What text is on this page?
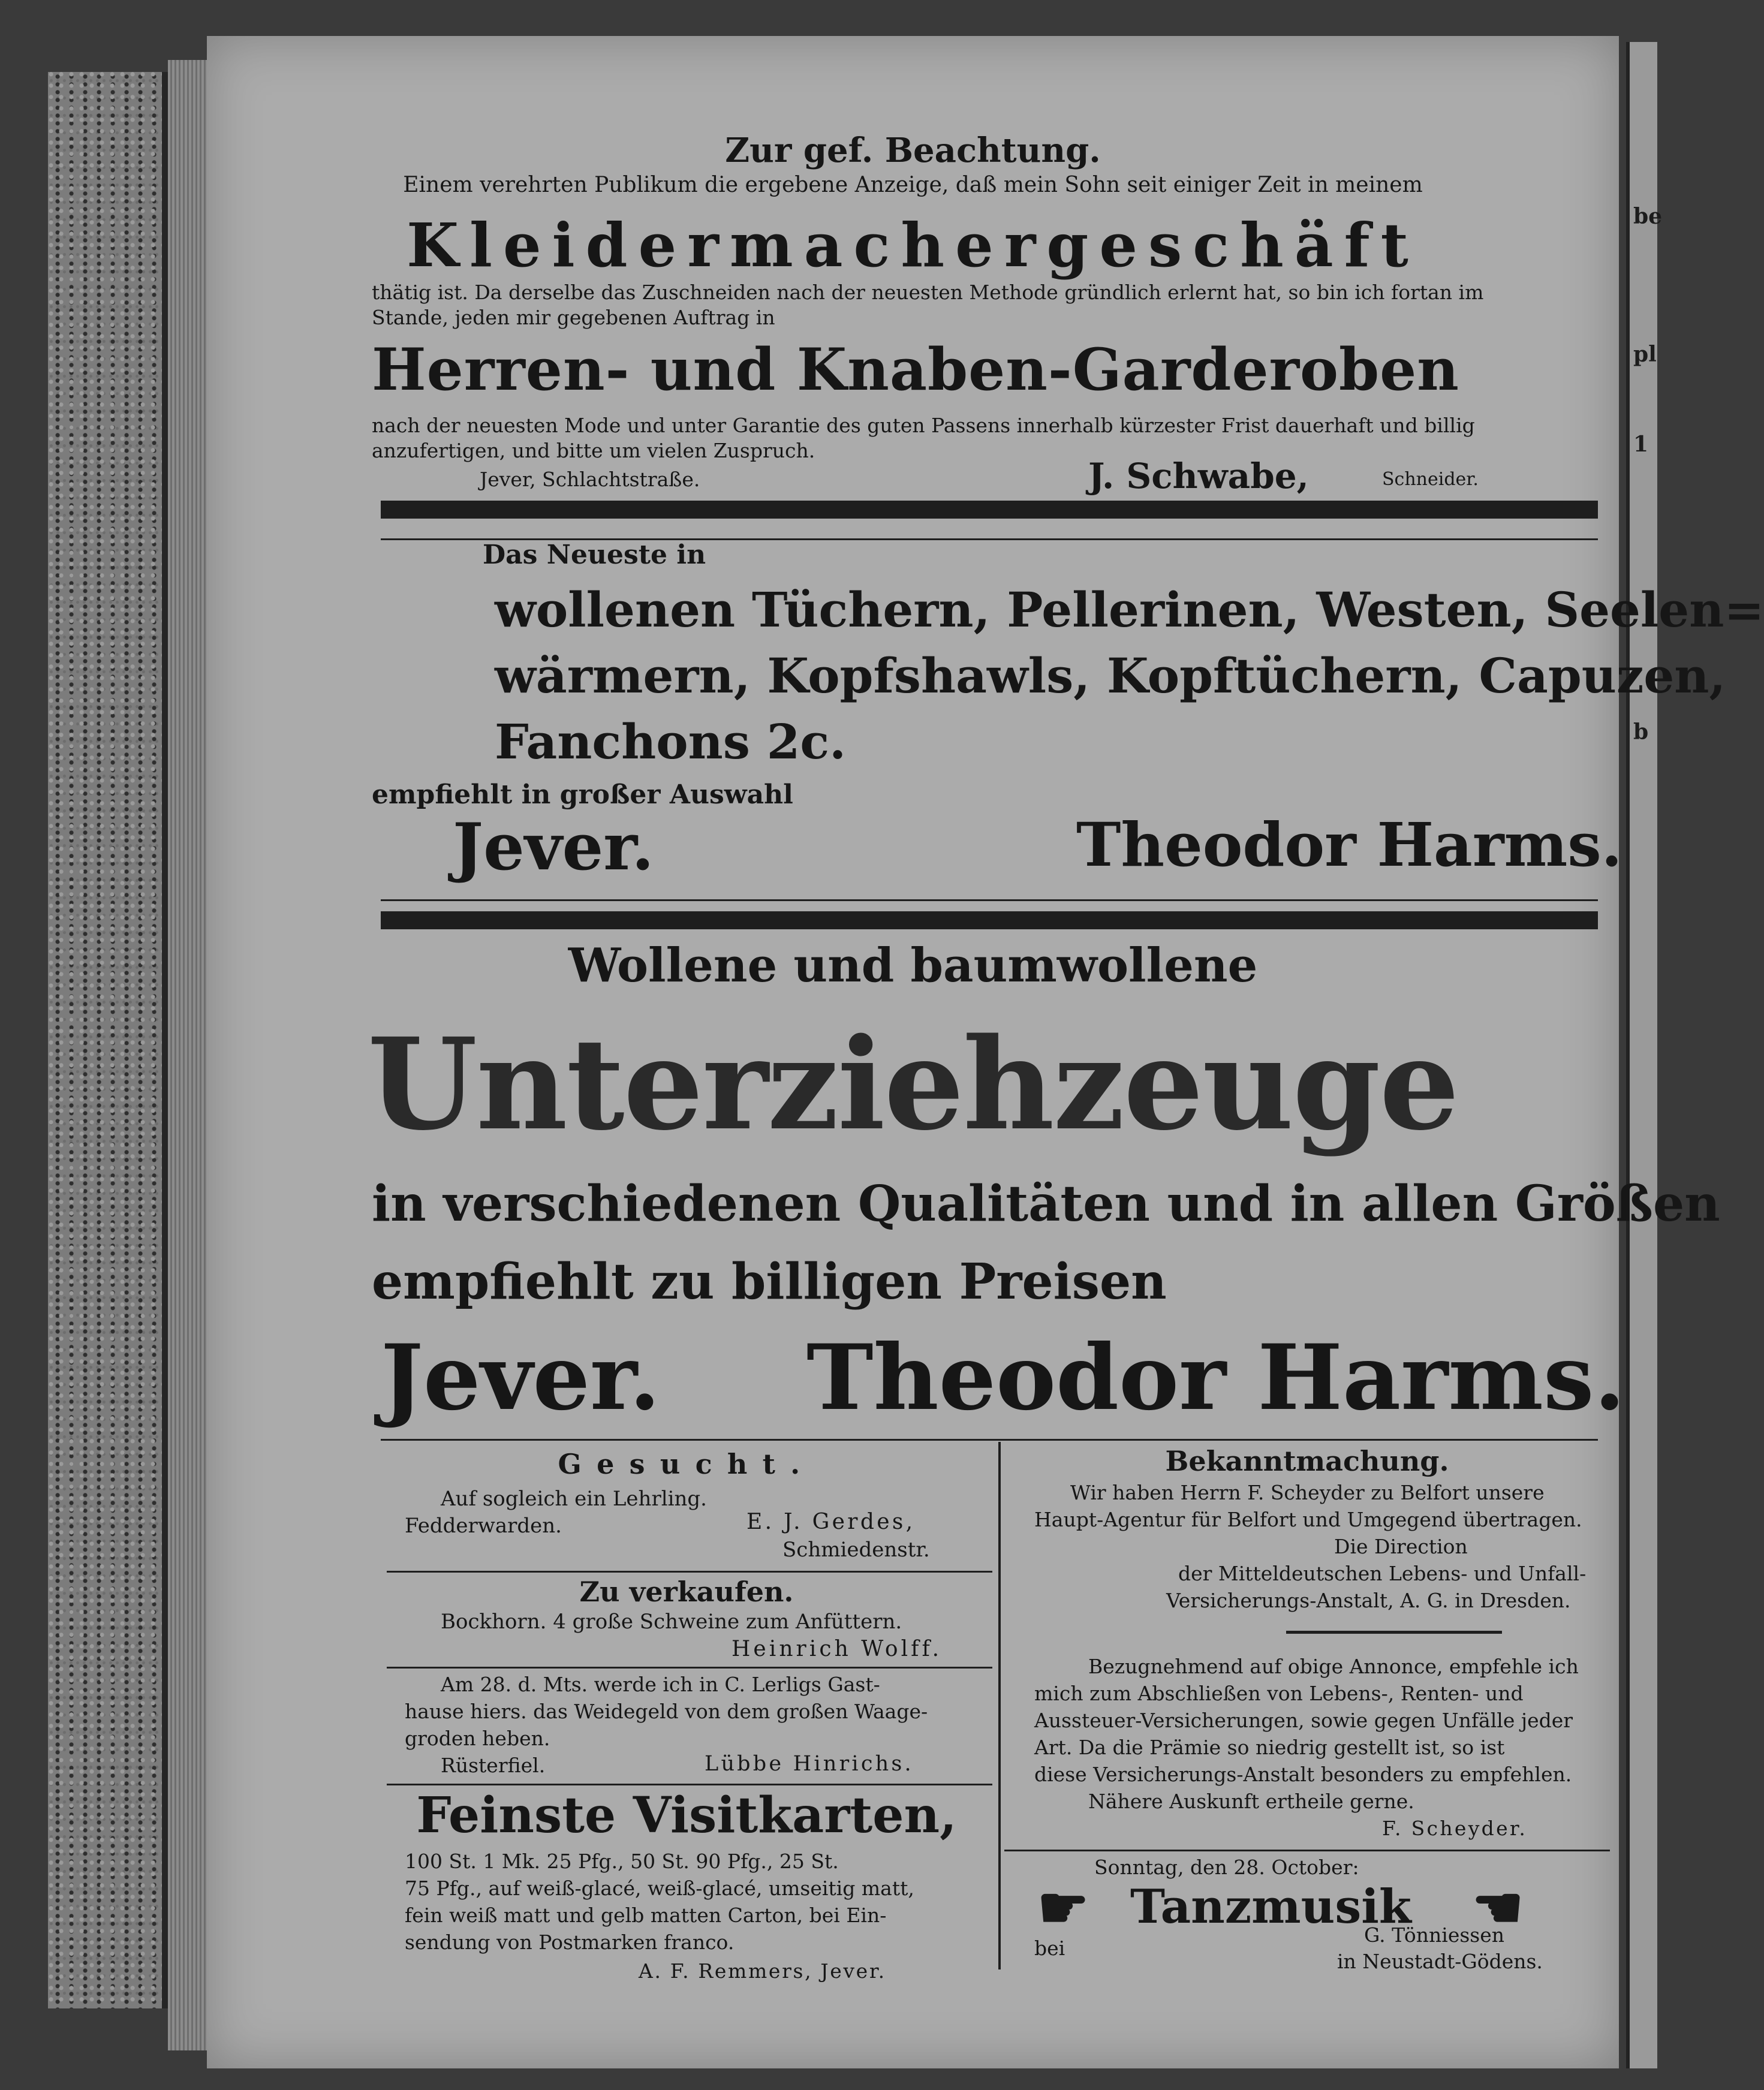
be
pl
1
b
Zur gef. Beachtung.
Einem verehrten Publikum die ergebene Anzeige, daß mein Sohn seit einiger Zeit in meinem
Kleidermachergeschäft
thätig ist. Da derselbe das Zuschneiden nach der neuesten Methode gründlich erlernt hat, so bin ich fortan im
Stande, jeden mir gegebenen Auftrag in
Herren- und Knaben-Garderoben
nach der neuesten Mode und unter Garantie des guten Passens innerhalb kürzester Frist dauerhaft und billig
anzufertigen, und bitte um vielen Zuspruch.
Jever, Schlachtstraße.	J. Schwabe,	Schneider.
Das Neueste in
wollenen Tüchern, Pellerinen, Westen, Seelen=
wärmern, Kopfshawls, Kopftüchern, Capuzen,
Fanchons 2c.
empfiehlt in großer Auswahl
Jever.	Theodor Harms.
Wollene und baumwollene
Unterziehzeuge
in verschiedenen Qualitäten und in allen Größen
empfiehlt zu billigen Preisen
Jever. Theodor Harms.
Gesucht.
Auf sogleich ein Lehrling.
Fedderwarden.	E. J. Gerdes,
Schmiedenstr.
Zu verkaufen.
Bockhorn. 4 große Schweine zum Anfüttern.
Heinrich Wolff.
Am 28. d. Mts. werde ich in C. Lerligs Gast-
hause hiers. das Weidegeld von dem großen Waage-
groden heben.
Rüsterfiel.	Lübbe Hinrichs.
Feinste Visitkarten,
100 St. 1 Mk. 25 Pfg., 50 St. 90 Pfg., 25 St.
75 Pfg., auf weiß-glacé, weiß-glacé, umseitig matt,
fein weiß matt und gelb matten Carton, bei Ein-
sendung von Postmarken franco.
A. F. Remmers, Jever.
Bekanntmachung.
Wir haben Herrn F. Scheyder zu Belfort unsere
Haupt-Agentur für Belfort und Umgegend übertragen.
Die Direction
der Mitteldeutschen Lebens- und Unfall-
Versicherungs-Anstalt, A. G. in Dresden.
Bezugnehmend auf obige Annonce, empfehle ich
mich zum Abschließen von Lebens-, Renten- und
Aussteuer-Versicherungen, sowie gegen Unfälle jeder
Art. Da die Prämie so niedrig gestellt ist, so ist
diese Versicherungs-Anstalt besonders zu empfehlen.
Nähere Auskunft ertheile gerne.
F. Scheyder.
Sonntag, den 28. October:
☛ Tanzmusik ☚
bei
G. Tönniessen
in Neustadt-Gödens.
